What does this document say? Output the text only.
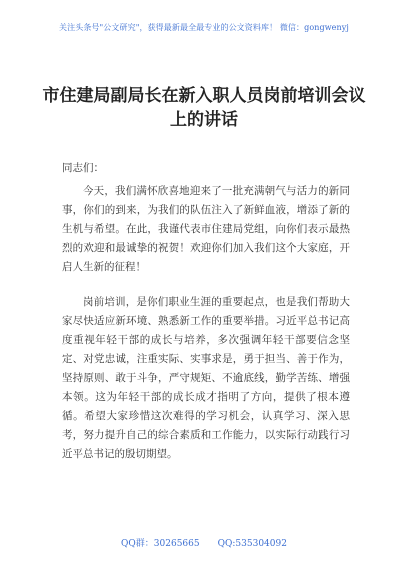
关注头条号"公文研究"，获得最新最全最专业的公文资料库！ 微信：gongwenyj
市住建局副局长在新入职人员岗前培训会议上的讲话
同志们：
今天，我们满怀欣喜地迎来了一批充满朝气与活力的新同事，你们的到来，为我们的队伍注入了新鲜血液，增添了新的生机与希望。在此，我谨代表市住建局党组，向你们表示最热烈的欢迎和最诚挚的祝贺！欢迎你们加入我们这个大家庭，开启人生新的征程！
岗前培训，是你们职业生涯的重要起点，也是我们帮助大家尽快适应新环境、熟悉新工作的重要举措。习近平总书记高度重视年轻干部的成长与培养，多次强调年轻干部要信念坚定、对党忠诚，注重实际、实事求是，勇于担当、善于作为，坚持原则、敢于斗争，严守规矩、不逾底线，勤学苦练、增强本领。这为年轻干部的成长成才指明了方向，提供了根本遵循。希望大家珍惜这次难得的学习机会，认真学习、深入思考，努力提升自己的综合素质和工作能力，以实际行动践行习近平总书记的殷切期望。
QQ群：30265665 QQ:535304092
